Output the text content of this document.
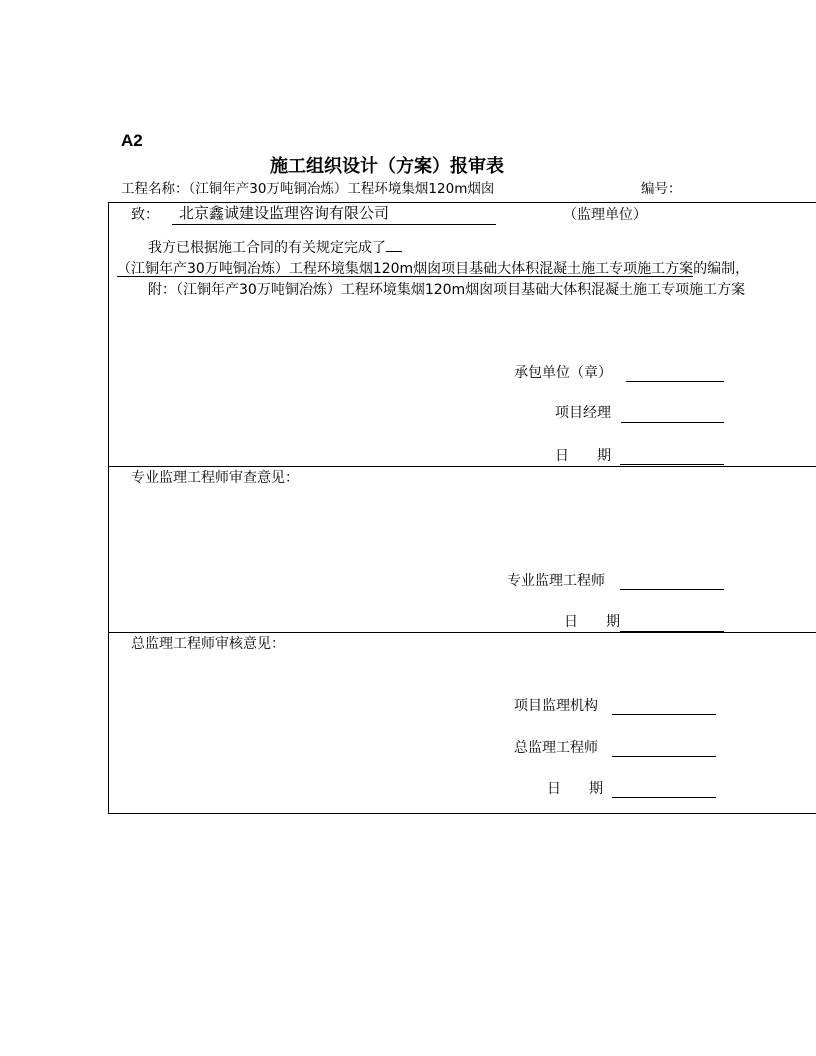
A2
施工组织设计（方案）报审表
工程名称：（江铜年产30万吨铜冶炼）工程环境集烟120m烟囱	编号：
致：	北京鑫诚建设监理咨询有限公司	（监理单位）
我方已根据施工合同的有关规定完成了
（江铜年产30万吨铜冶炼）工程环境集烟120m烟囱项目基础大体积混凝土施工专项施工方案的编制，
附：（江铜年产30万吨铜冶炼）工程环境集烟120m烟囱项目基础大体积混凝土施工专项施工方案
承包单位（章）
项目经理
日　　期
专业监理工程师审查意见：
专业监理工程师
日　　期
总监理工程师审核意见：
项目监理机构
总监理工程师
日　　期
